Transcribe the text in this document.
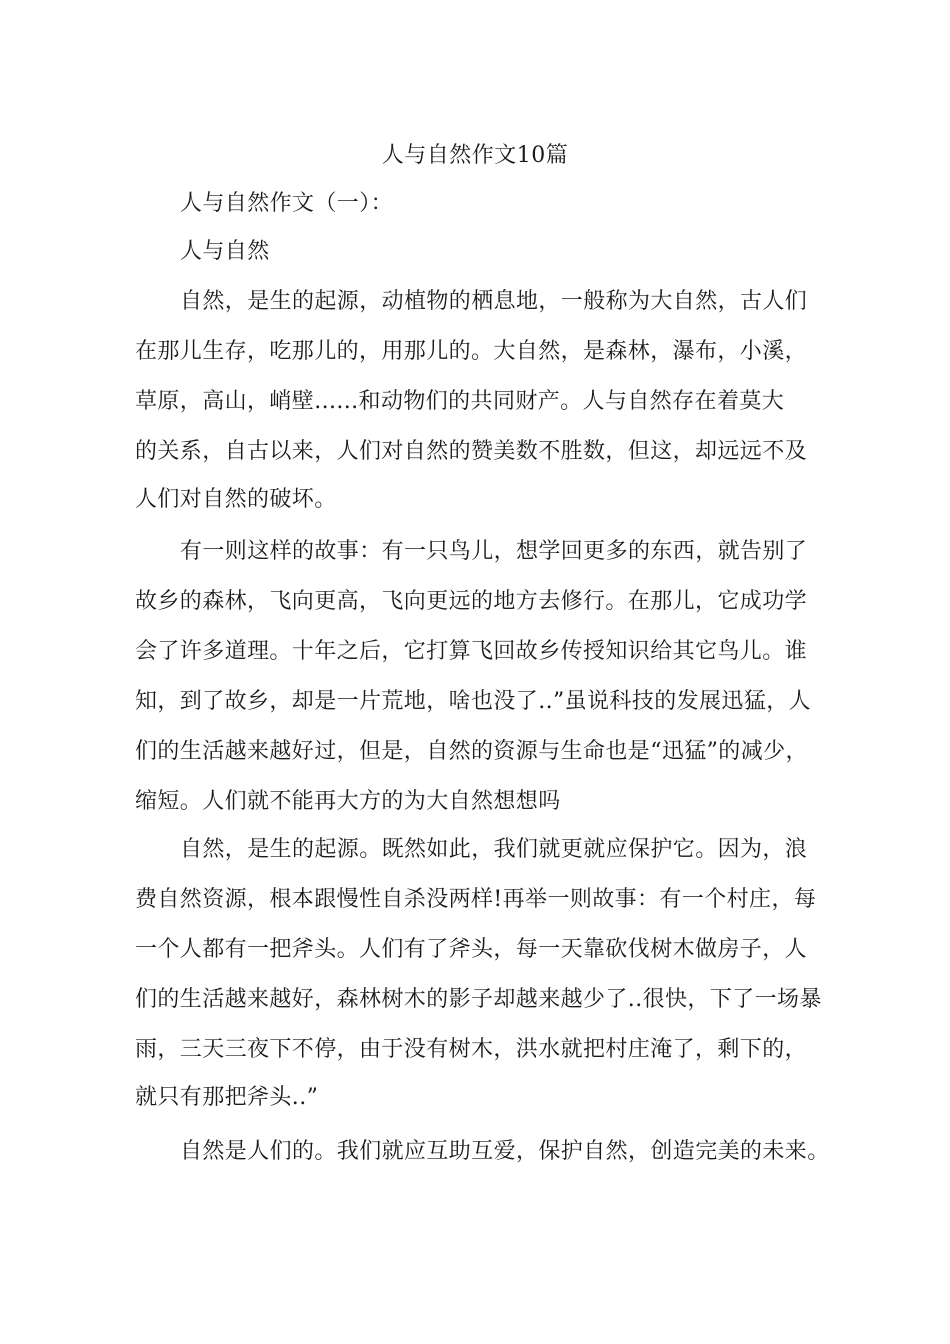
人与自然作文10篇
人与自然作文（一）：
人与自然
自然，是生的起源，动植物的栖息地，一般称为大自然，古人们
在那儿生存，吃那儿的，用那儿的。大自然，是森林，瀑布，小溪，
草原，高山，峭壁......和动物们的共同财产。人与自然存在着莫大
的关系，自古以来，人们对自然的赞美数不胜数，但这，却远远不及
人们对自然的破坏。
有一则这样的故事：有一只鸟儿，想学回更多的东西，就告别了
故乡的森林，飞向更高，飞向更远的地方去修行。在那儿，它成功学
会了许多道理。十年之后，它打算飞回故乡传授知识给其它鸟儿。谁
知，到了故乡，却是一片荒地，啥也没了..”虽说科技的发展迅猛，人
们的生活越来越好过，但是，自然的资源与生命也是“迅猛”的减少，
缩短。人们就不能再大方的为大自然想想吗
自然，是生的起源。既然如此，我们就更就应保护它。因为，浪
费自然资源，根本跟慢性自杀没两样!再举一则故事：有一个村庄，每
一个人都有一把斧头。人们有了斧头，每一天靠砍伐树木做房子，人
们的生活越来越好，森林树木的影子却越来越少了..很快，下了一场暴
雨，三天三夜下不停，由于没有树木，洪水就把村庄淹了，剩下的，
就只有那把斧头..”
自然是人们的。我们就应互助互爱，保护自然，创造完美的未来。
